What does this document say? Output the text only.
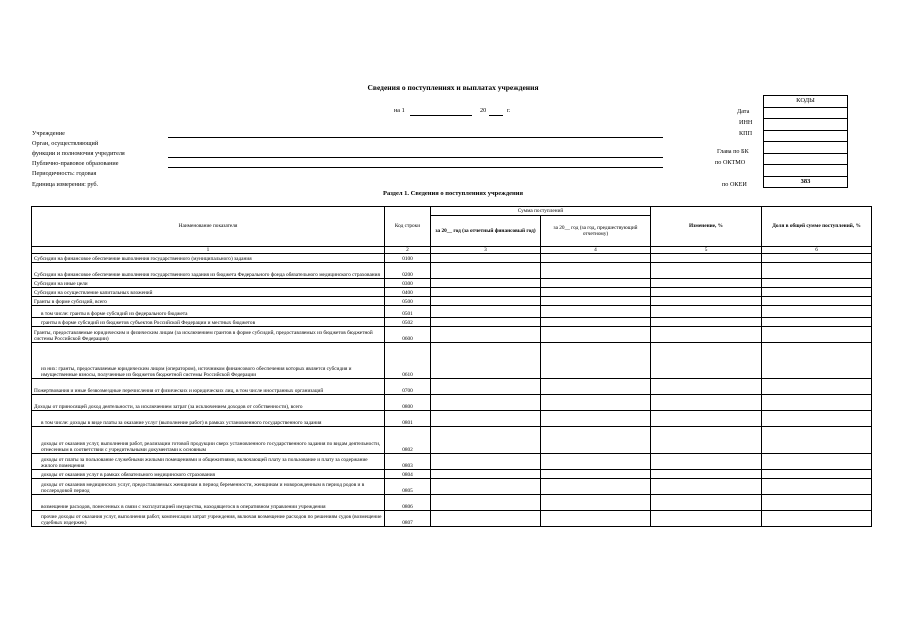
Сведения о поступлениях и выплатах учреждения
на 1	20	г.
КОДЫ
383
Дата
ИНН
КПП
Глава по БК
по ОКТМО
по ОКЕИ
Учреждение
Орган, осуществляющий
функции и полномочия учредителя
Публично-правовое образование
Периодичность: годовая
Единица измерения: руб.
Раздел 1. Сведения о поступлениях учреждения
Наименование показателя	Код строки	Сумма поступлений		Изменение, %	Доля в общей сумме поступлений, %
		за 20__ год (за отчетный финансовый год)	за 20__ год (за год, предшествующий отчетному)		
1	2	3	4	5	6
Субсидии на финансовое обеспечение выполнения государственного (муниципального) задания	0100				
Субсидии на финансовое обеспечение выполнения государственного задания из бюджета Федерального фонда обязательного медицинского страхования	0200				
Субсидии на иные цели	0300				
Субсидии на осуществление капитальных вложений	0400				
Гранты в форме субсидий, всего	0500				
в том числе: гранты в форме субсидий из федерального бюджета	0501				
гранты в форме субсидий из бюджетов субъектов Российской Федерации и местных бюджетов	0502				
Гранты, предоставляемые юридическим и физическим лицам (за исключением грантов в форме субсидий, предоставляемых из бюджетов бюджетной системы Российской Федерации)	0600				
из них: гранты, предоставляемые юридическим лицом (оператором), источником финансового обеспечения которых является субсидия и имущественные взносы, полученные из бюджетов бюджетной системы Российской Федерации	0610				
Пожертвования и иные безвозмездные перечисления от физических и юридических лиц, в том числе иностранных организаций	0700				
Доходы от приносящей доход деятельности, за исключением затрат (за исключением доходов от собственности), всего	0800				
в том числе: доходы в виде платы за оказание услуг (выполнение работ) в рамках установленного государственного задания	0801				
доходы от оказания услуг, выполнения работ, реализации готовой продукции сверх установленного государственного задания по видам деятельности, отнесенным в соответствии с учредительными документами к основным	0802				
доходы от платы за пользование служебными жилыми помещениями и общежитиями, включающей плату за пользование и плату за содержание жилого помещения	0803				
доходы от оказания услуг в рамках обязательного медицинского страхования	0804				
доходы от оказания медицинских услуг, предоставляемых женщинам в период беременности, женщинам и новорожденным в период родов и в послеродовой период	0805				
возмещение расходов, понесенных в связи с эксплуатацией имущества, находящегося в оперативном управлении учреждения	0806				
прочие доходы от оказания услуг, выполнения работ, компенсации затрат учреждения, включая возмещение расходов по решениям судов (возмещение судебных издержек)	0807				
